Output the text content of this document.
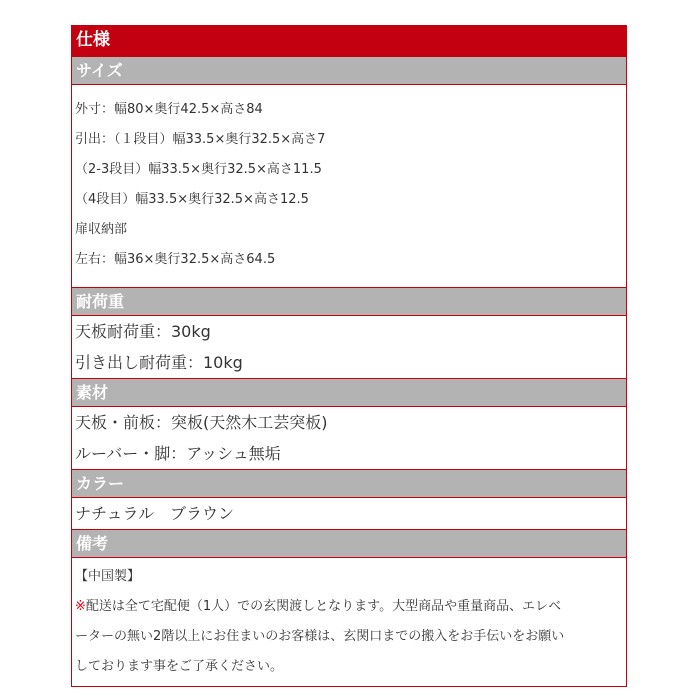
仕様
サイズ
外寸：幅80×奥行42.5×高さ84
引出：（１段目）幅33.5×奥行32.5×高さ7
（2-3段目）幅33.5×奥行32.5×高さ11.5
（4段目）幅33.5×奥行32.5×高さ12.5
扉収納部
左右：幅36×奥行32.5×高さ64.5
耐荷重
天板耐荷重：30kg
引き出し耐荷重：10kg
素材
天板・前板：突板(天然木工芸突板)
ルーバー・脚：アッシュ無垢
カラー
ナチュラル　ブラウン
備考
【中国製】
※配送は全て宅配便（1人）での玄関渡しとなります。大型商品や重量商品、エレベ
ーターの無い2階以上にお住まいのお客様は、玄関口までの搬入をお手伝いをお願い
しております事をご了承ください。
